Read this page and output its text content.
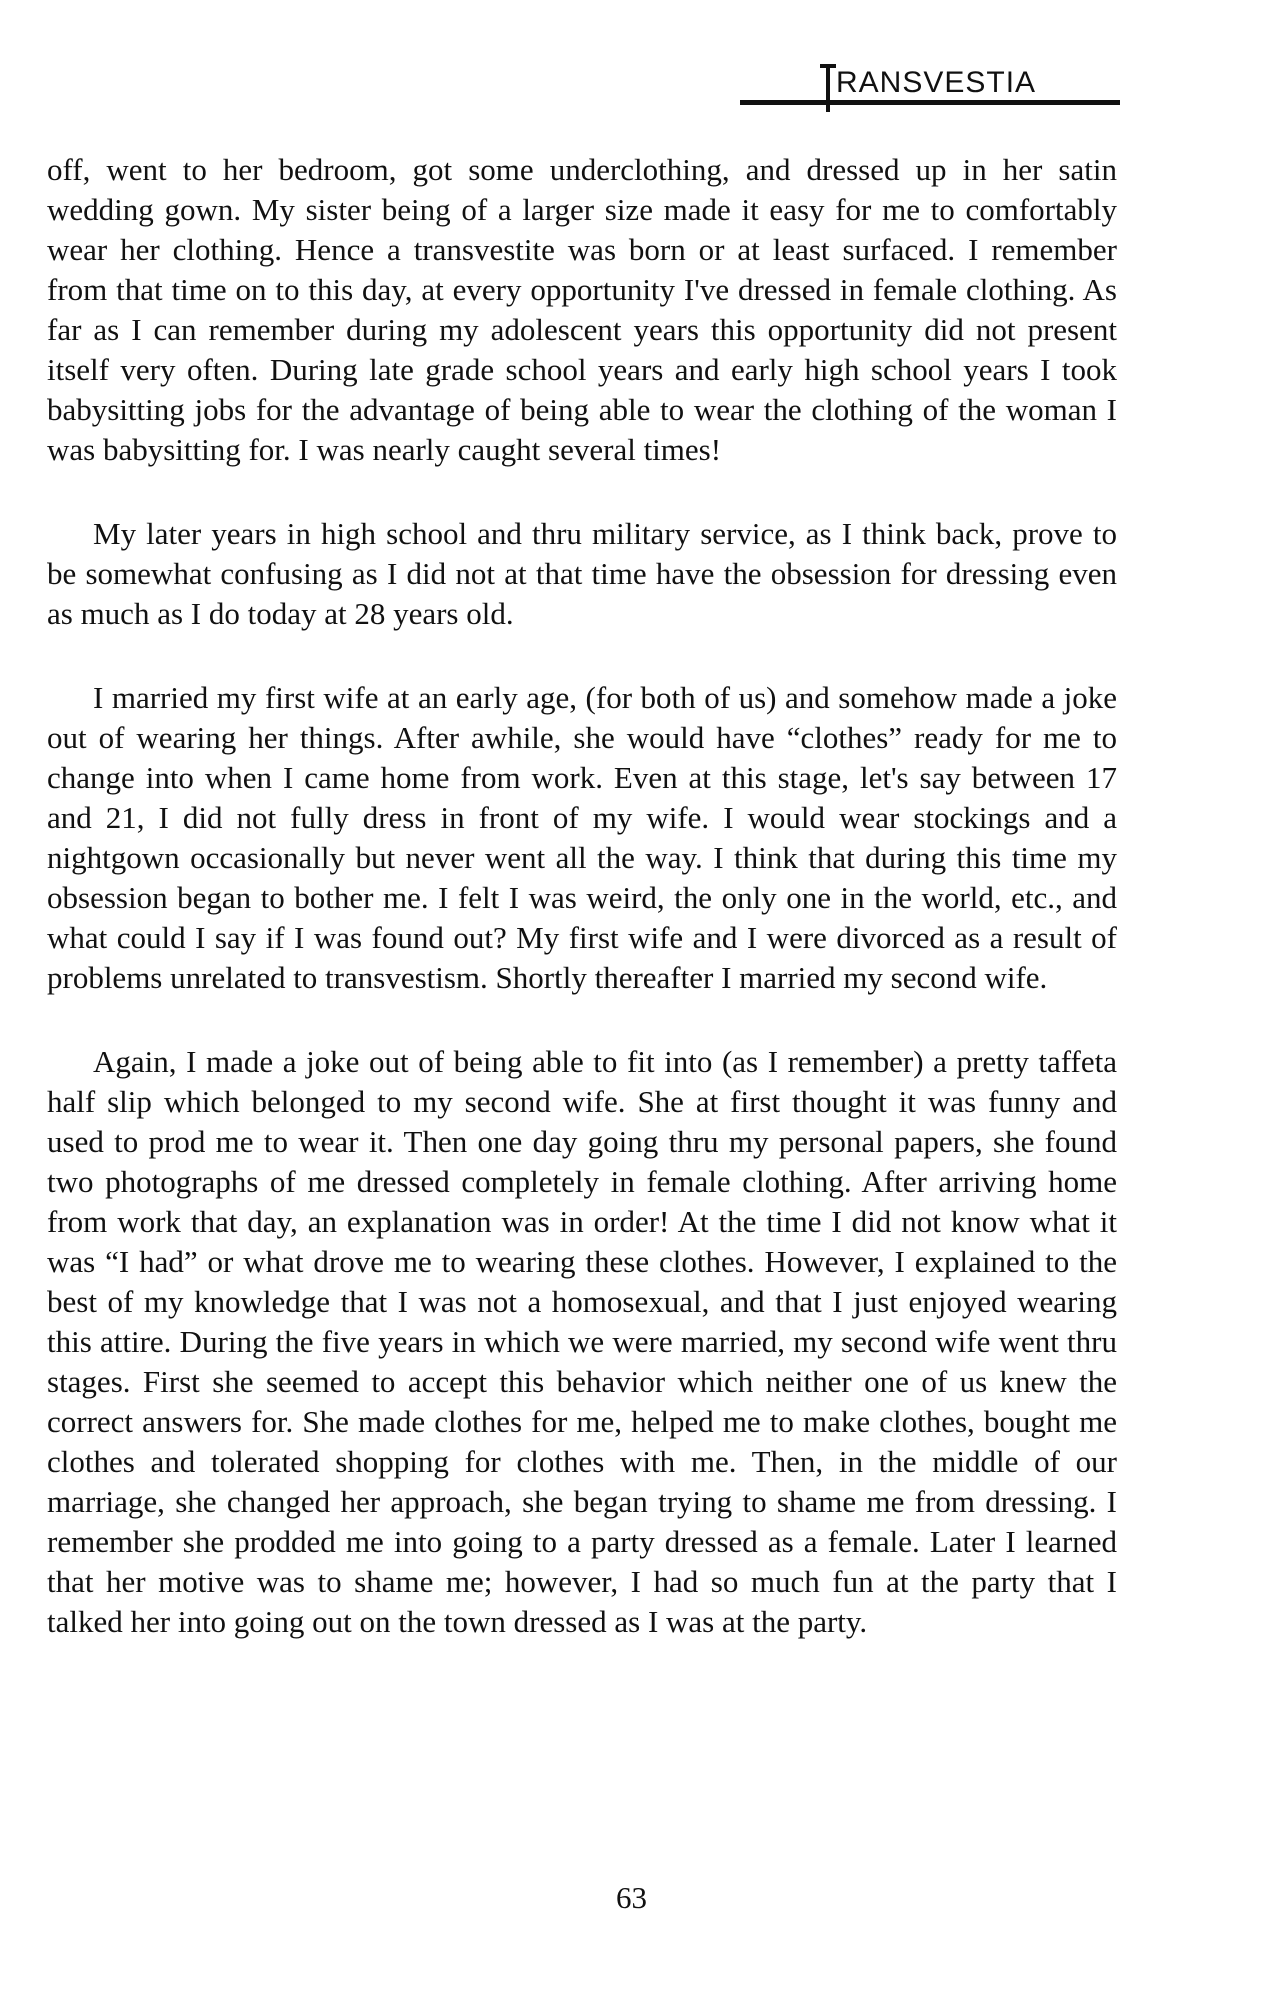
RANSVESTIA

off, went to her bedroom, got some underclothing, and dressed up in her satin wedding gown. My sister being of a larger size made it easy for me to comfortably wear her clothing. Hence a transvestite was born or at least surfaced. I remember from that time on to this day, at every opportunity I've dressed in female clothing. As far as I can remember during my adolescent years this opportunity did not present itself very often. During late grade school years and early high school years I took babysitting jobs for the advantage of being able to wear the clothing of the woman I was babysitting for. I was nearly caught several times!

My later years in high school and thru military service, as I think back, prove to be somewhat confusing as I did not at that time have the obsession for dressing even as much as I do today at 28 years old.

I married my first wife at an early age, (for both of us) and somehow made a joke out of wearing her things. After awhile, she would have “clothes” ready for me to change into when I came home from work. Even at this stage, let's say between 17 and 21, I did not fully dress in front of my wife. I would wear stockings and a nightgown occasionally but never went all the way. I think that during this time my obsession began to bother me. I felt I was weird, the only one in the world, etc., and what could I say if I was found out? My first wife and I were divorced as a result of problems unrelated to transvestism. Shortly thereafter I married my second wife.

Again, I made a joke out of being able to fit into (as I remember) a pretty taffeta half slip which belonged to my second wife. She at first thought it was funny and used to prod me to wear it. Then one day going thru my personal papers, she found two photographs of me dressed completely in female clothing. After arriving home from work that day, an explanation was in order! At the time I did not know what it was “I had” or what drove me to wearing these clothes. However, I explained to the best of my knowledge that I was not a homosexual, and that I just enjoyed wearing this attire. During the five years in which we were married, my second wife went thru stages. First she seemed to accept this behavior which neither one of us knew the correct answers for. She made clothes for me, helped me to make clothes, bought me clothes and tolerated shopping for clothes with me. Then, in the middle of our marriage, she changed her approach, she began trying to shame me from dressing. I remember she prodded me into going to a party dressed as a female. Later I learned that her motive was to shame me; however, I had so much fun at the party that I talked her into going out on the town dressed as I was at the party.

63
